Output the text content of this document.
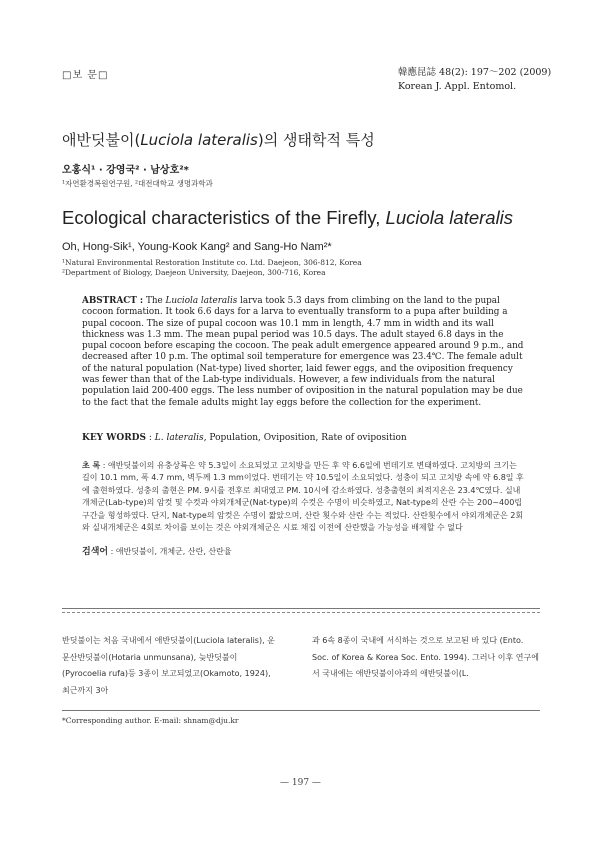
□보 문□	韓應昆誌 48(2): 197～202 (2009)
Korean J. Appl. Entomol.
애반딧불이(Luciola lateralis)의 생태학적 특성
오홍식¹ · 강영국² · 남상호²*
¹자연환경복원연구원, ²대전대학교 생명과학과
Ecological characteristics of the Firefly, Luciola lateralis
Oh, Hong-Sik¹, Young-Kook Kang² and Sang-Ho Nam²*
¹Natural Environmental Restoration Institute co. Ltd. Daejeon, 306-812, Korea
²Department of Biology, Daejeon University, Daejeon, 300-716, Korea
ABSTRACT : The Luciola lateralis larva took 5.3 days from climbing on the land to the pupal cocoon formation. It took 6.6 days for a larva to eventually transform to a pupa after building a pupal cocoon. The size of pupal cocoon was 10.1 mm in length, 4.7 mm in width and its wall thickness was 1.3 mm. The mean pupal period was 10.5 days. The adult stayed 6.8 days in the pupal cocoon before escaping the cocoon. The peak adult emergence appeared around 9 p.m., and decreased after 10 p.m. The optimal soil temperature for emergence was 23.4℃. The female adult of the natural population (Nat-type) lived shorter, laid fewer eggs, and the oviposition frequency was fewer than that of the Lab-type individuals. However, a few individuals from the natural population laid 200-400 eggs. The less number of oviposition in the natural population may be due to the fact that the female adults might lay eggs before the collection for the experiment.
KEY WORDS : L. lateralis, Population, Oviposition, Rate of oviposition
초 록 : 애반딧불이의 유충상륙은 약 5.3일이 소요되었고 고치방을 만든 후 약 6.6일에 번데기로 변태하였다. 고치방의 크기는 길이 10.1 mm, 폭 4.7 mm, 벽두께 1.3 mm이었다. 번데기는 약 10.5일이 소요되었다. 성충이 되고 고치방 속에 약 6.8일 후에 출현하였다. 성충의 출현은 PM. 9시를 전후로 최대였고 PM. 10시에 감소하였다. 성충출현의 최적지온은 23.4℃였다. 실내개체군(Lab-type)의 암컷 및 수컷과 야외개체군(Nat-type)의 수컷은 수명이 비슷하였고, Nat-type의 산란 수는 200~400립 구간을 형성하였다. 단지, Nat-type의 암컷은 수명이 짧았으며, 산란 횟수와 산란 수는 적었다. 산란횟수에서 야외개체군은 2회와 실내개체군은 4회로 차이를 보이는 것은 야외개체군은 시료 채집 이전에 산란했을 가능성을 배제할 수 없다
검색어 : 애반딧불이, 개체군, 산란, 산란율
반딧불이는 처음 국내에서 애반딧불이(Luciola lateralis), 운문산반딧불이(Hotaria unmunsana), 늦반딧불이(Pyrocoelia rufa)등 3종이 보고되었고(Okamoto, 1924), 최근까지 3아
과 6속 8종이 국내에 서식하는 것으로 보고된 바 있다 (Ento. Soc. of Korea & Korea Soc. Ento. 1994). 그러나 이후 연구에서 국내에는 애반딧불이아과의 애반딧불이(L.
*Corresponding author. E-mail: shnam@dju.kr
— 197 —
